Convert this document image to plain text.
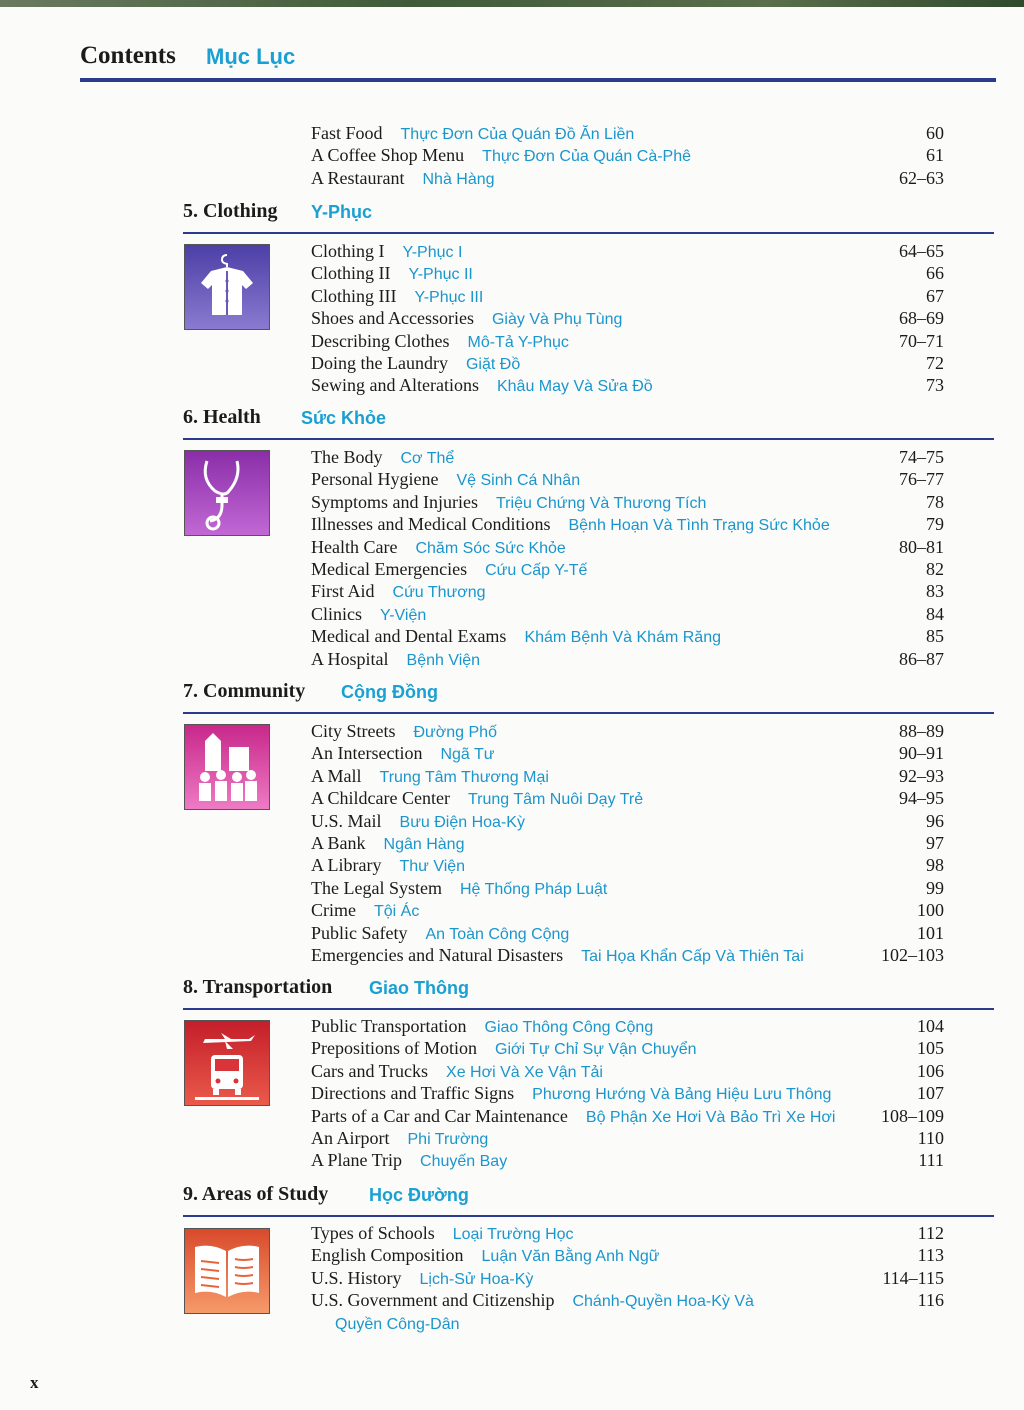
Contents Mục Lục
Fast Food Thực Đơn Của Quán Đồ Ăn Liền	60
A Coffee Shop Menu Thực Đơn Của Quán Cà-Phê	61
A Restaurant Nhà Hàng	62–63
5. Clothing Y-Phục
Clothing I Y-Phục I	64–65
Clothing II Y-Phục II	66
Clothing III Y-Phục III	67
Shoes and Accessories Giày Và Phụ Tùng	68–69
Describing Clothes Mô-Tả Y-Phục	70–71
Doing the Laundry Giặt Đồ	72
Sewing and Alterations Khâu May Và Sửa Đồ	73
6. Health Sức Khỏe
The Body Cơ Thể	74–75
Personal Hygiene Vệ Sinh Cá Nhân	76–77
Symptoms and Injuries Triệu Chứng Và Thương Tích	78
Illnesses and Medical Conditions Bệnh Hoạn Và Tình Trạng Sức Khỏe	79
Health Care Chăm Sóc Sức Khỏe	80–81
Medical Emergencies Cứu Cấp Y-Tế	82
First Aid Cứu Thương	83
Clinics Y-Viện	84
Medical and Dental Exams Khám Bệnh Và Khám Răng	85
A Hospital Bệnh Viện	86–87
7. Community Cộng Đồng
City Streets Đường Phố	88–89
An Intersection Ngã Tư	90–91
A Mall Trung Tâm Thương Mại	92–93
A Childcare Center Trung Tâm Nuôi Dạy Trẻ	94–95
U.S. Mail Bưu Điện Hoa-Kỳ	96
A Bank Ngân Hàng	97
A Library Thư Viện	98
The Legal System Hệ Thống Pháp Luật	99
Crime Tội Ác	100
Public Safety An Toàn Công Cộng	101
Emergencies and Natural Disasters Tai Họa Khẩn Cấp Và Thiên Tai	102–103
8. Transportation Giao Thông
Public Transportation Giao Thông Công Cộng	104
Prepositions of Motion Giới Tự Chỉ Sự Vận Chuyển	105
Cars and Trucks Xe Hơi Và Xe Vận Tải	106
Directions and Traffic Signs Phương Hướng Và Bảng Hiệu Lưu Thông	107
Parts of a Car and Car Maintenance Bộ Phận Xe Hơi Và Bảo Trì Xe Hơi	108–109
An Airport Phi Trường	110
A Plane Trip Chuyến Bay	111
9. Areas of Study Học Đường
Types of Schools Loại Trường Học	112
English Composition Luận Văn Bằng Anh Ngữ	113
U.S. History Lịch-Sử Hoa-Kỳ	114–115
U.S. Government and Citizenship Chánh-Quyền Hoa-Kỳ Và	116
Quyền Công-Dân
x
